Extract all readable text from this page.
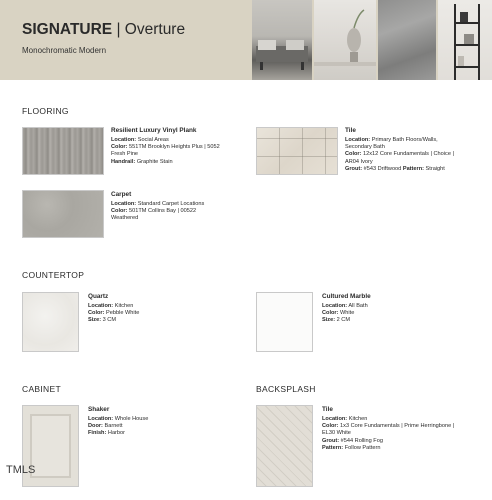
SIGNATURE | Overture
Monochromatic Modern
FLOORING
Resilient Luxury Vinyl Plank
Location: Social Areas
Color: 551TM Brooklyn Heights Plus | 5052
Fresh Pine
Handrail: Graphite Stain
Tile
Location: Primary Bath Floors/Walls,
Secondary Bath
Color: 12x12 Core Fundamentals | Choice |
AR04 Ivory
Grout: #543 Driftwood Pattern: Straight
Carpet
Location: Standard Carpet Locations
Color: 501TM Collins Bay | 00522
Weathered
COUNTERTOP
Quartz
Location: Kitchen
Color: Pebble White
Size: 3 CM
Cultured Marble
Location: All Bath
Color: White
Size: 2 CM
CABINET
Shaker
Location: Whole House
Door: Barnett
Finish: Harbor
BACKSPLASH
Tile
Location: Kitchen
Color: 1x3 Core Fundamentals | Prime Herringbone |
EL30 White
Grout: #544 Rolling Fog
Pattern: Follow Pattern
TMLS
